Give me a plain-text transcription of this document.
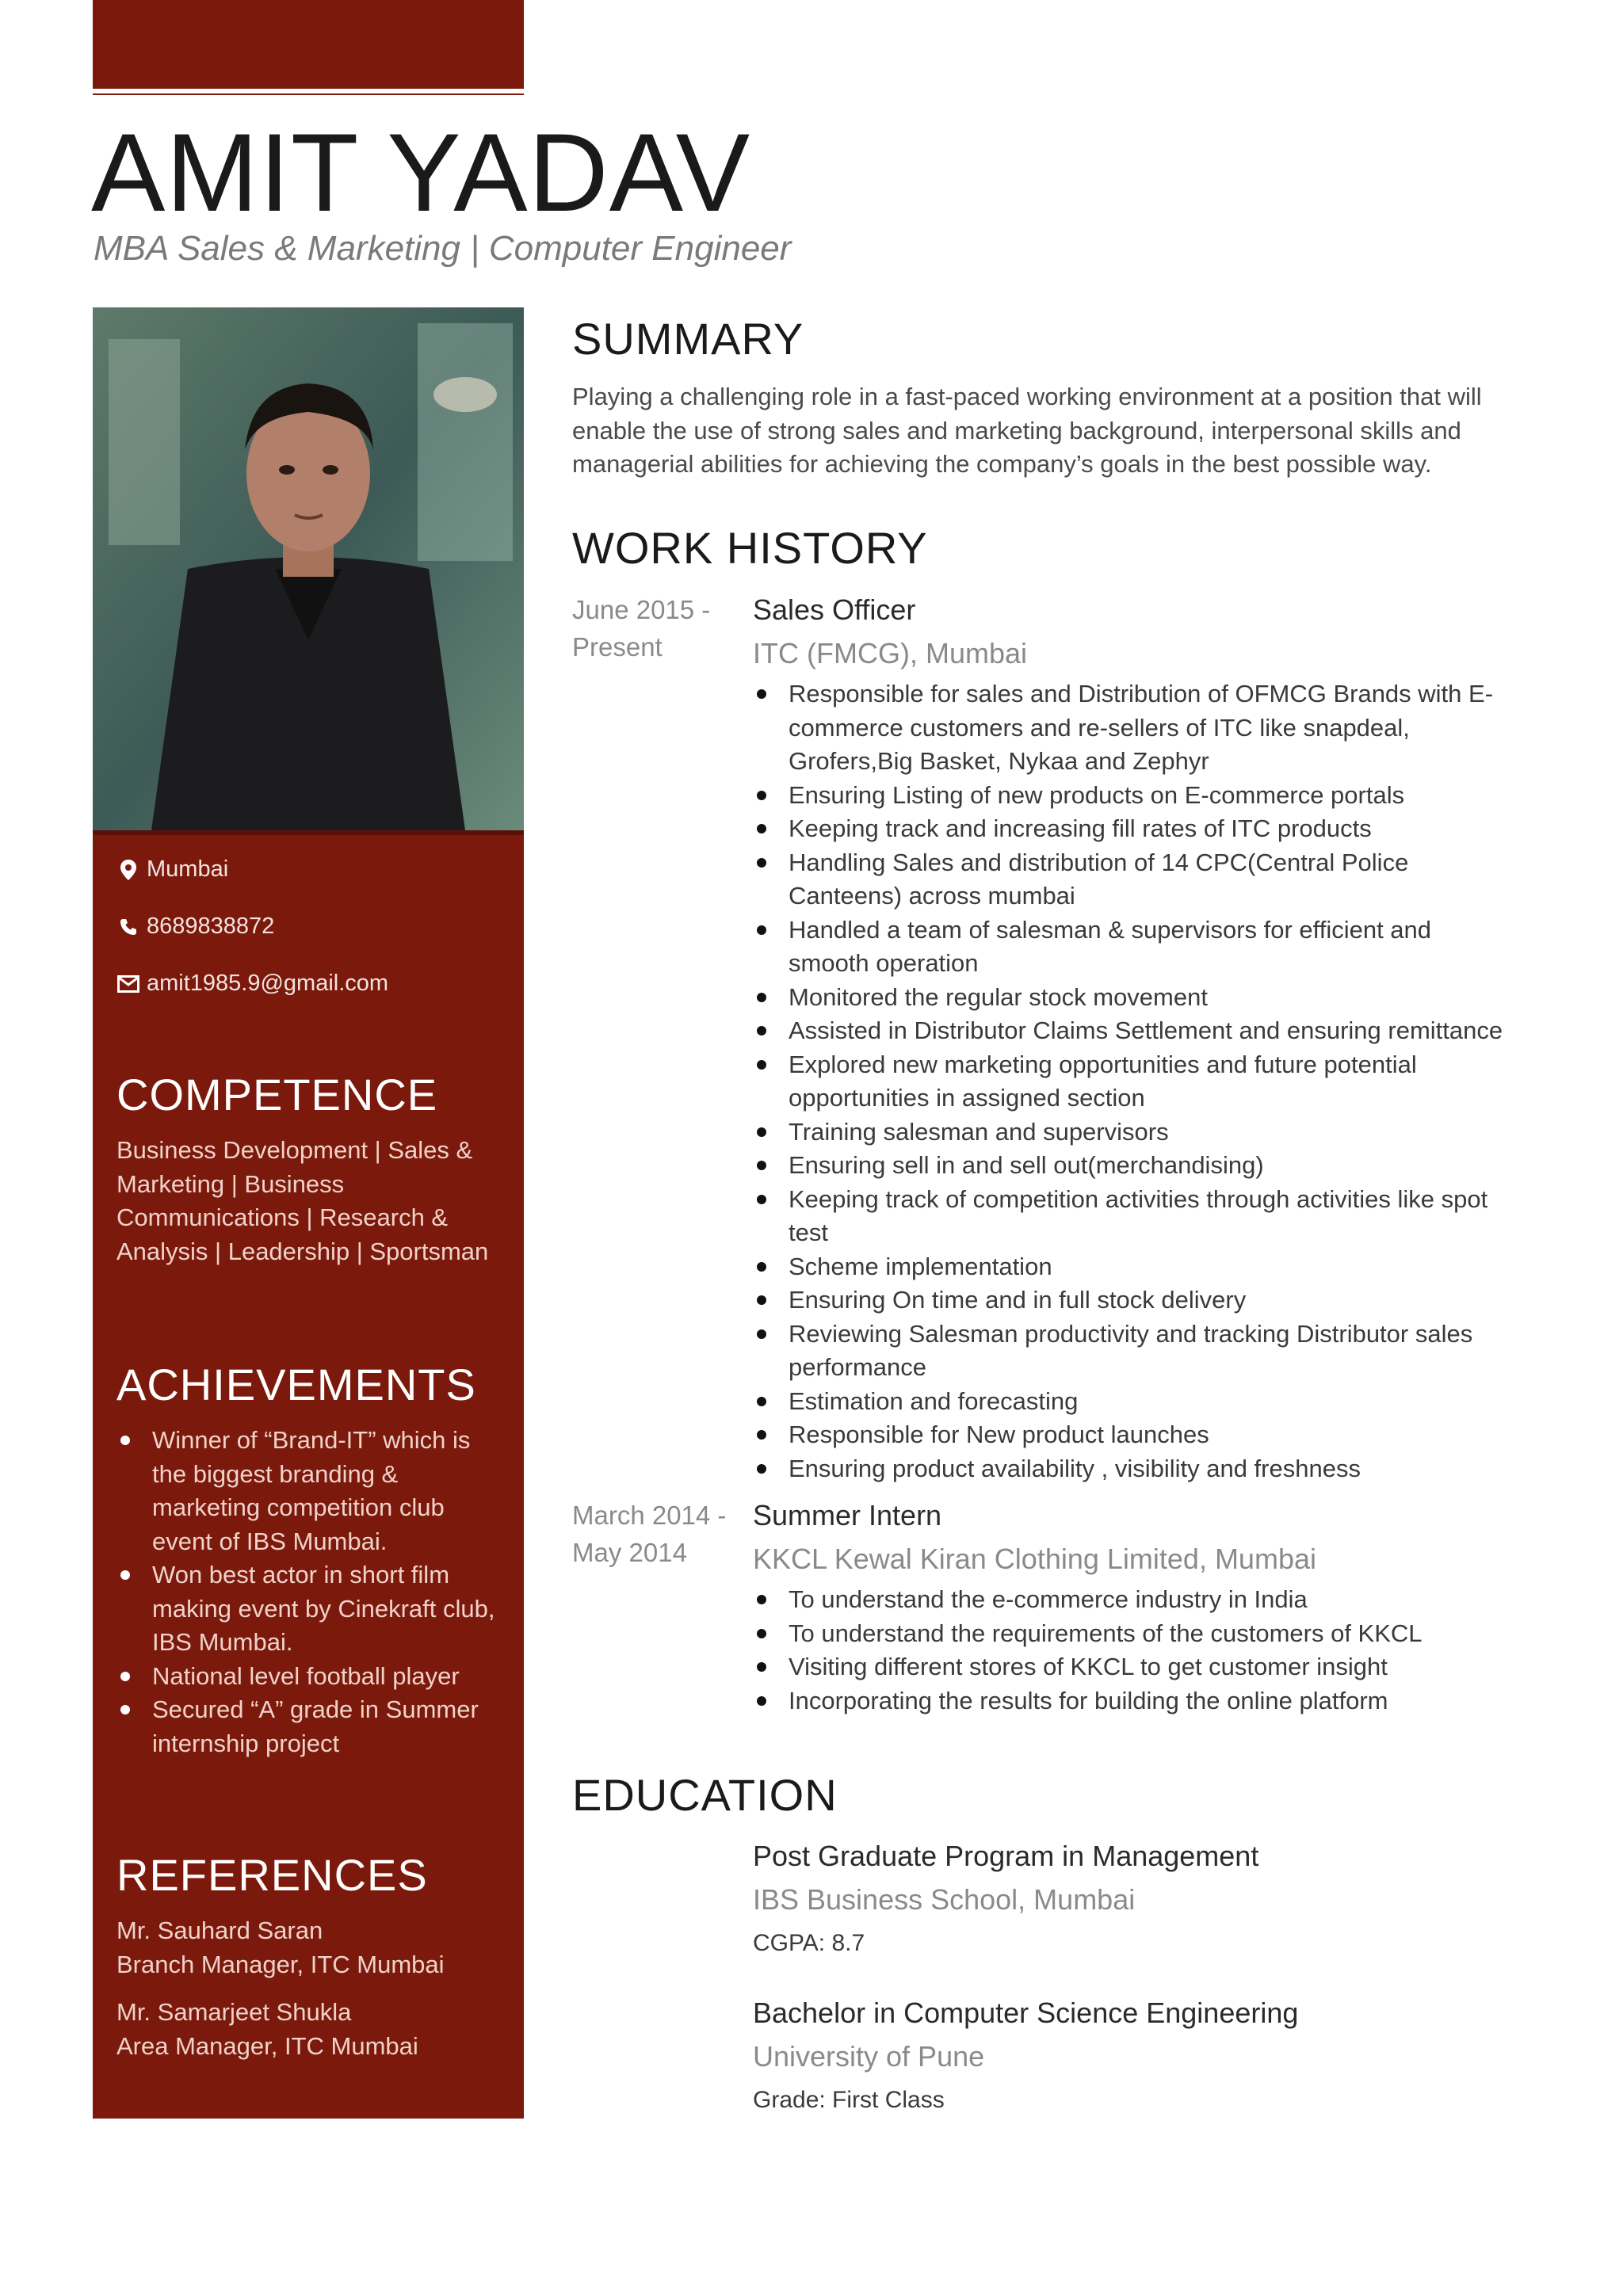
AMIT YADAV
MBA Sales & Marketing | Computer Engineer
Mumbai
8689838872
amit1985.9@gmail.com
COMPETENCE
Business Development | Sales & Marketing | Business Communications | Research & Analysis | Leadership | Sportsman
ACHIEVEMENTS
Winner of “Brand-IT” which is the biggest branding & marketing competition club event of IBS Mumbai.
Won best actor in short film making event by Cinekraft club, IBS Mumbai.
National level football player
Secured “A” grade in Summer internship project
REFERENCES
Mr. Sauhard Saran
Branch Manager, ITC Mumbai
Mr. Samarjeet Shukla
Area Manager, ITC Mumbai
SUMMARY
Playing a challenging role in a fast-paced working environment at a position that will enable the use of strong sales and marketing background, interpersonal skills and managerial abilities for achieving the company’s goals in the best possible way.
WORK HISTORY
June 2015 - Present
Sales Officer
ITC (FMCG), Mumbai
Responsible for sales and Distribution of OFMCG Brands with E-commerce customers and re-sellers of ITC like snapdeal, Grofers,Big Basket, Nykaa and Zephyr
Ensuring Listing of new products on E-commerce portals
Keeping track and increasing fill rates of ITC products
Handling Sales and distribution of 14 CPC(Central Police Canteens) across mumbai
Handled a team of salesman & supervisors for efficient and smooth operation
Monitored the regular stock movement
Assisted in Distributor Claims Settlement and ensuring remittance
Explored new marketing opportunities and future potential opportunities in assigned section
Training salesman and supervisors
Ensuring sell in and sell out(merchandising)
Keeping track of competition activities through activities like spot test
Scheme implementation
Ensuring On time and in full stock delivery
Reviewing Salesman productivity and tracking Distributor sales performance
Estimation and forecasting
Responsible for New product launches
Ensuring product availability , visibility and freshness
March 2014 - May 2014
Summer Intern
KKCL Kewal Kiran Clothing Limited, Mumbai
To understand the e-commerce industry in India
To understand the requirements of the customers of KKCL
Visiting different stores of KKCL to get customer insight
Incorporating the results for building the online platform
EDUCATION
Post Graduate Program in Management
IBS Business School, Mumbai
CGPA: 8.7
Bachelor in Computer Science Engineering
University of Pune
Grade: First Class
